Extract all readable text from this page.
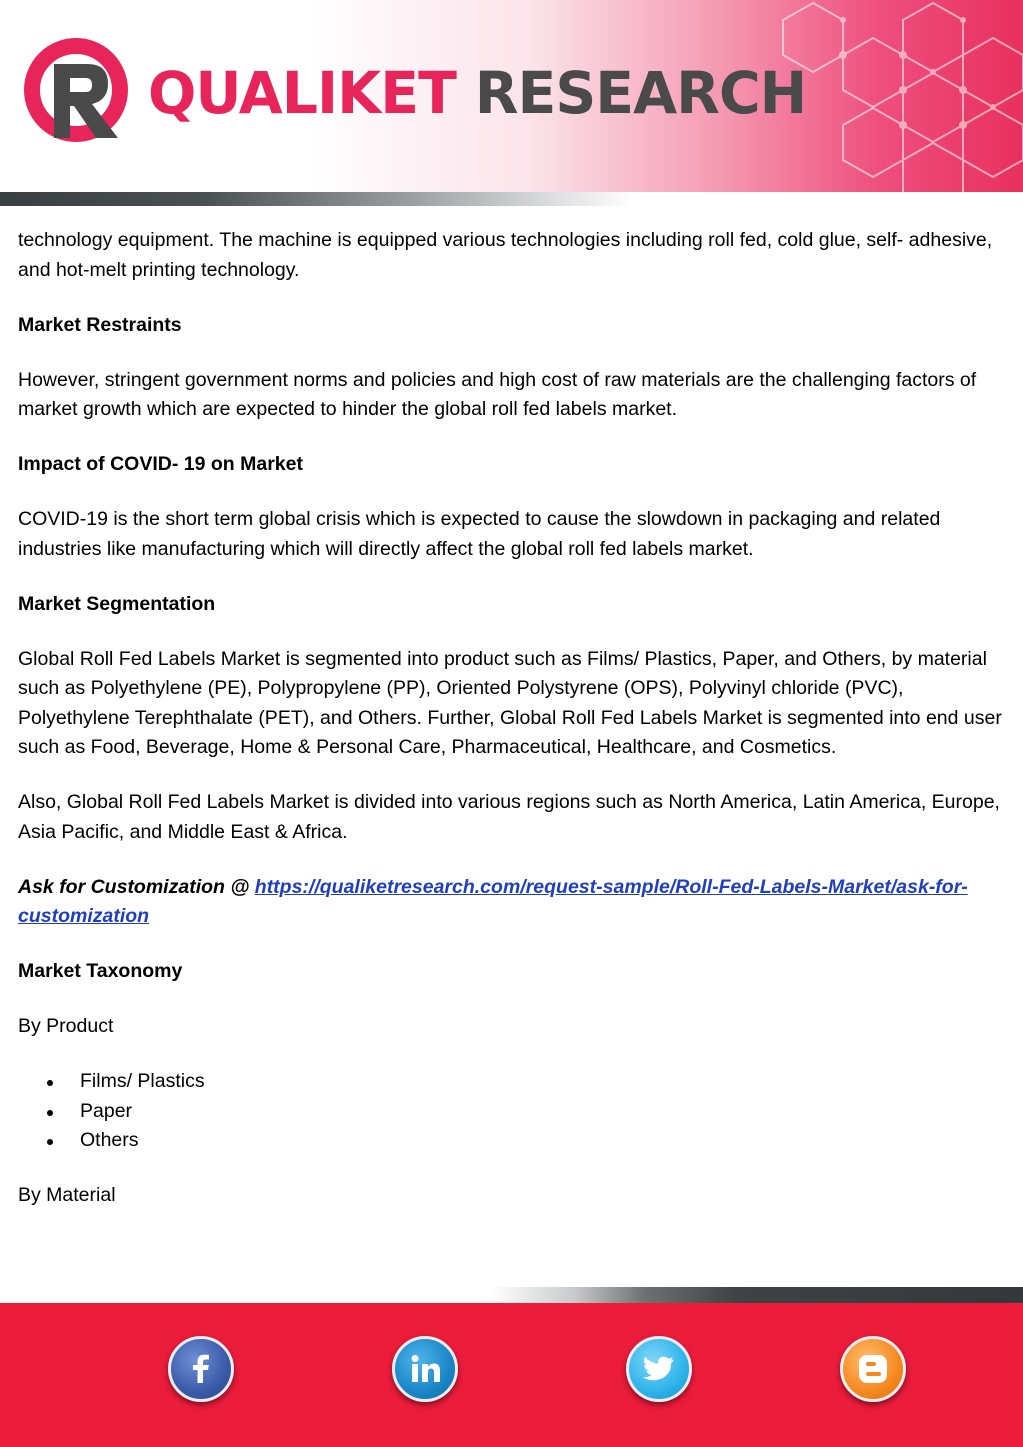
QUALIKET RESEARCH

technology equipment. The machine is equipped various technologies including roll fed, cold glue, self- adhesive, and hot-melt printing technology.

Market Restraints

However, stringent government norms and policies and high cost of raw materials are the challenging factors of market growth which are expected to hinder the global roll fed labels market.

Impact of COVID- 19 on Market

COVID-19 is the short term global crisis which is expected to cause the slowdown in packaging and related industries like manufacturing which will directly affect the global roll fed labels market.

Market Segmentation

Global Roll Fed Labels Market is segmented into product such as Films/ Plastics, Paper, and Others, by material such as Polyethylene (PE), Polypropylene (PP), Oriented Polystyrene (OPS), Polyvinyl chloride (PVC), Polyethylene Terephthalate (PET), and Others. Further, Global Roll Fed Labels Market is segmented into end user such as Food, Beverage, Home & Personal Care, Pharmaceutical, Healthcare, and Cosmetics.

Also, Global Roll Fed Labels Market is divided into various regions such as North America, Latin America, Europe, Asia Pacific, and Middle East & Africa.

Ask for Customization @ https://qualiketresearch.com/request-sample/Roll-Fed-Labels-Market/ask-for-customization

Market Taxonomy

By Product

Films/ Plastics
Paper
Others

By Material
